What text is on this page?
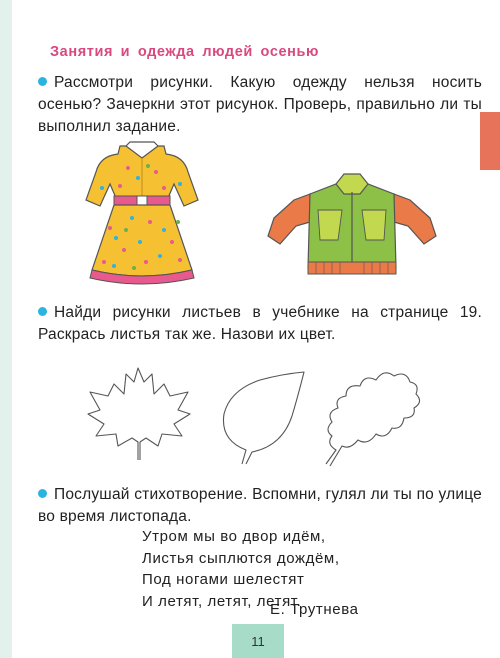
Занятия и одежда людей осенью
Рассмотри рисунки. Какую одежду нельзя носить осенью? Зачеркни этот рисунок. Проверь, правильно ли ты выполнил задание.
Найди рисунки листьев в учебнике на странице 19. Раскрась листья так же. Назови их цвет.
Послушай стихотворение. Вспомни, гулял ли ты по улице во время листопада.
Утром мы во двор идём,
Листья сыплются дождём,
Под ногами шелестят
И летят, летят, летят.
Е. Трутнева
11
